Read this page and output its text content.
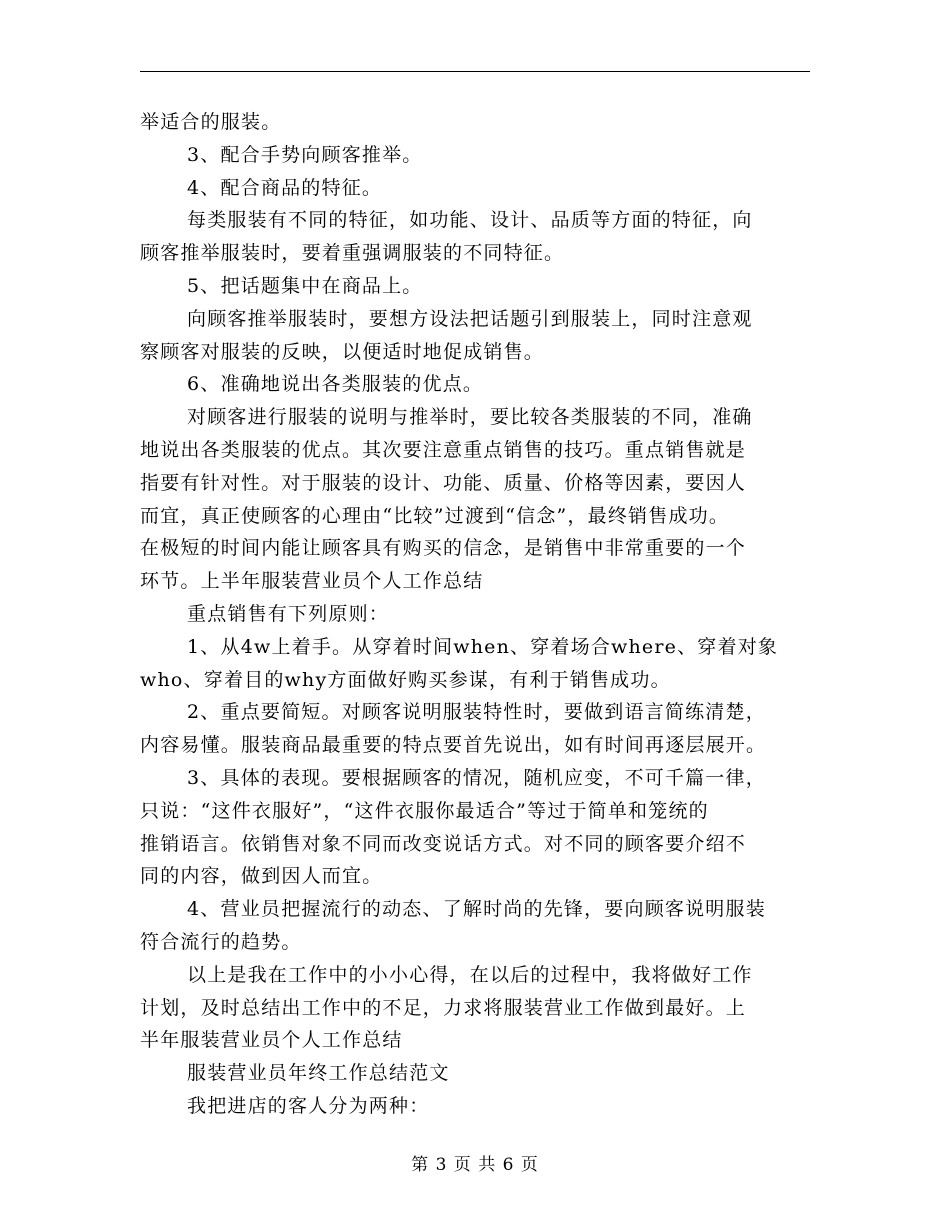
举适合的服装。
3、配合手势向顾客推举。
4、配合商品的特征。
每类服装有不同的特征，如功能、设计、品质等方面的特征，向
顾客推举服装时，要着重强调服装的不同特征。
5、把话题集中在商品上。
向顾客推举服装时，要想方设法把话题引到服装上，同时注意观
察顾客对服装的反映，以便适时地促成销售。
6、准确地说出各类服装的优点。
对顾客进行服装的说明与推举时，要比较各类服装的不同，准确
地说出各类服装的优点。其次要注意重点销售的技巧。重点销售就是
指要有针对性。对于服装的设计、功能、质量、价格等因素，要因人
而宜，真正使顾客的心理由“比较”过渡到“信念”，最终销售成功。
在极短的时间内能让顾客具有购买的信念，是销售中非常重要的一个
环节。上半年服装营业员个人工作总结
重点销售有下列原则：
1、从4w上着手。从穿着时间when、穿着场合where、穿着对象
who、穿着目的why方面做好购买参谋，有利于销售成功。
2、重点要简短。对顾客说明服装特性时，要做到语言简练清楚，
内容易懂。服装商品最重要的特点要首先说出，如有时间再逐层展开。
3、具体的表现。要根据顾客的情况，随机应变，不可千篇一律，
只说：“这件衣服好”，“这件衣服你最适合”等过于简单和笼统的
推销语言。依销售对象不同而改变说话方式。对不同的顾客要介绍不
同的内容，做到因人而宜。
4、营业员把握流行的动态、了解时尚的先锋，要向顾客说明服装
符合流行的趋势。
以上是我在工作中的小小心得，在以后的过程中，我将做好工作
计划，及时总结出工作中的不足，力求将服装营业工作做到最好。上
半年服装营业员个人工作总结
服装营业员年终工作总结范文
我把进店的客人分为两种：
第 3 页 共 6 页
